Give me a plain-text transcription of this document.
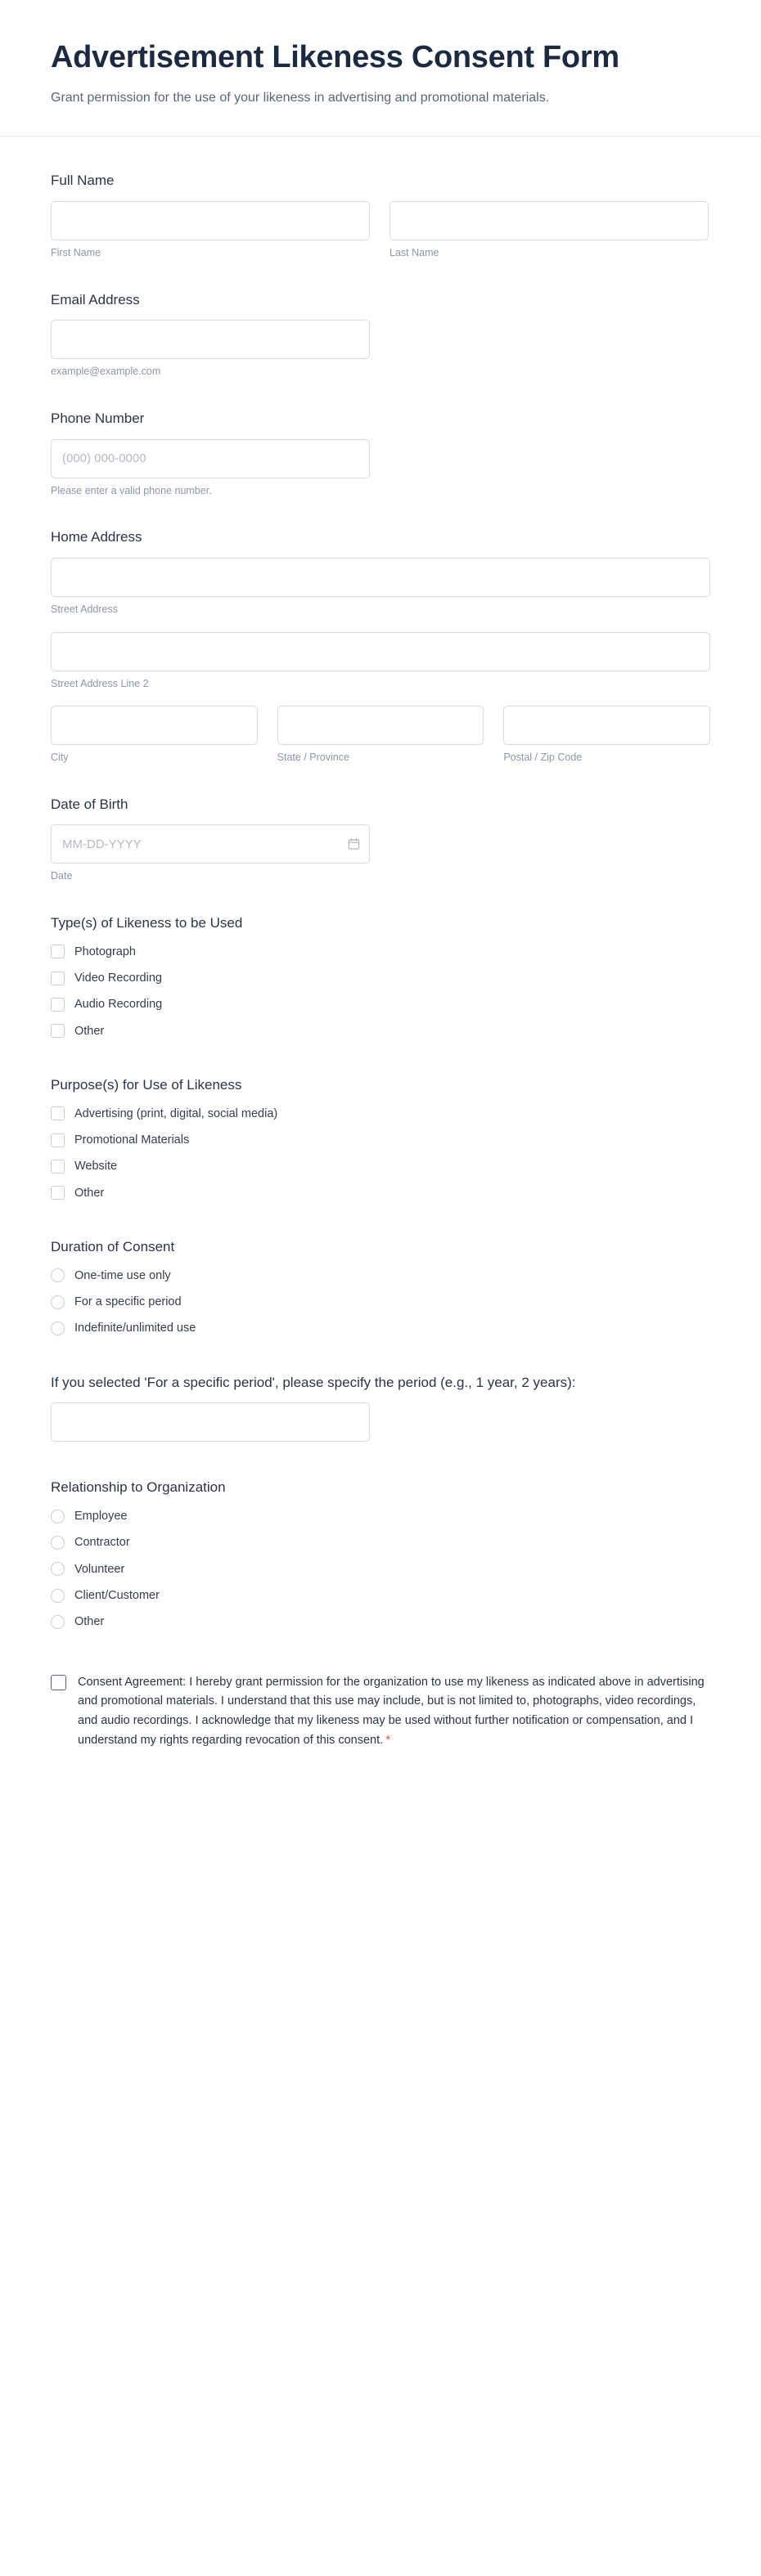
Advertisement Likeness Consent Form

Grant permission for the use of your likeness in advertising and promotional materials.

Full Name
First Name	Last Name
Email Address
example@example.com
Phone Number
(000) 000-0000
Please enter a valid phone number.
Home Address
Street Address
Street Address Line 2
City	State / Province	Postal / Zip Code
Date of Birth
MM-DD-YYYY
Date
Type(s) of Likeness to be Used
Photograph
Video Recording
Audio Recording
Other
Purpose(s) for Use of Likeness
Advertising (print, digital, social media)
Promotional Materials
Website
Other
Duration of Consent
One-time use only
For a specific period
Indefinite/unlimited use
If you selected 'For a specific period', please specify the period (e.g., 1 year, 2 years):
Relationship to Organization
Employee
Contractor
Volunteer
Client/Customer
Other
Consent Agreement: I hereby grant permission for the organization to use my likeness as indicated above in advertising and promotional materials. I understand that this use may include, but is not limited to, photographs, video recordings, and audio recordings. I acknowledge that my likeness may be used without further notification or compensation, and I understand my rights regarding revocation of this consent. *
